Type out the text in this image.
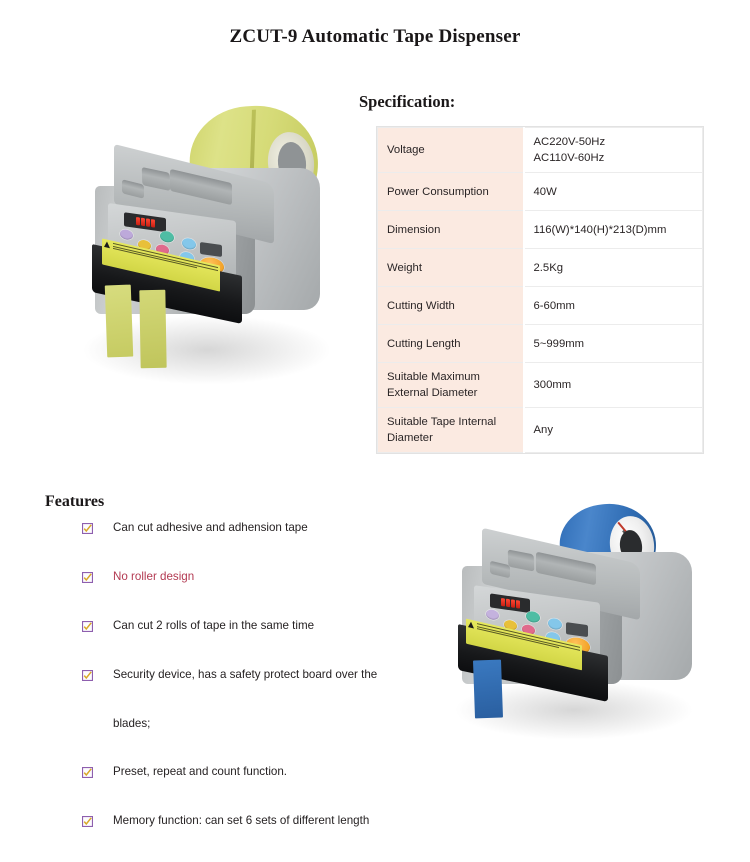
ZCUT-9 Automatic Tape Dispenser
Specification:
Voltage	AC220V-50Hz
AC110V-60Hz

Power Consumption	40W
Dimension	116(W)*140(H)*213(D)mm
Weight	2.5Kg
Cutting Width	6-60mm
Cutting Length	5~999mm
Suitable Maximum External Diameter	300mm
Suitable Tape Internal Diameter	Any
Features
Can cut adhesive and adhension tape
No roller design
Can cut 2 rolls of tape in the same time
Security device, has a safety protect board over the
blades;
Preset, repeat and count function.
Memory function: can set 6 sets of different length
